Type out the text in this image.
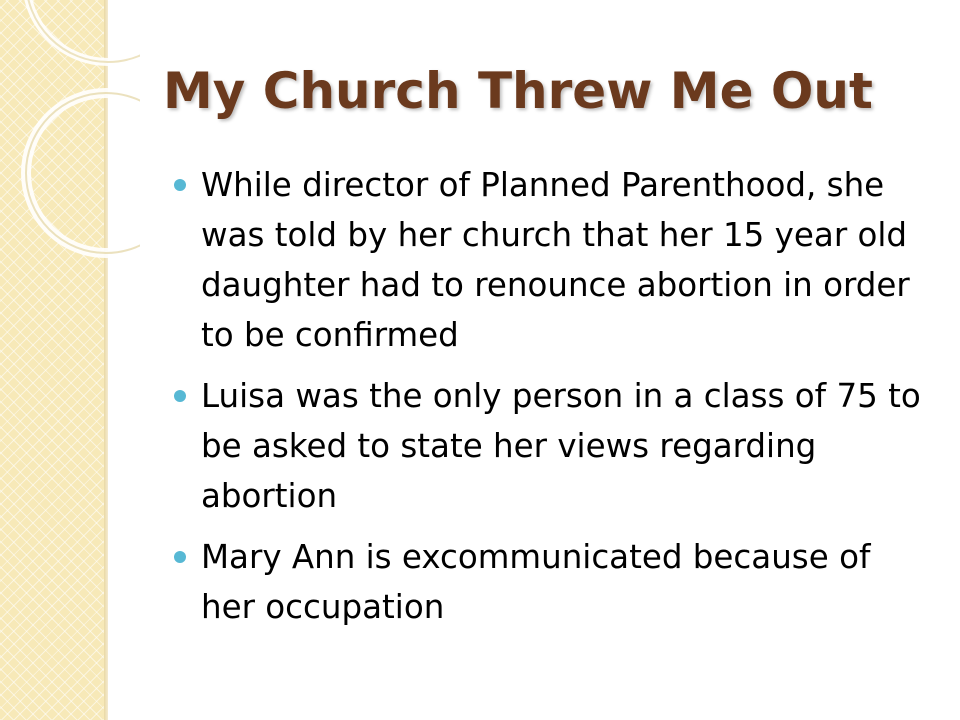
My Church Threw Me Out
While director of Planned Parenthood, she was told by her church that her 15 year old daughter had to renounce abortion in order to be confirmed
Luisa was the only person in a class of 75 to be asked to state her views regarding abortion
Mary Ann is excommunicated because of her occupation
